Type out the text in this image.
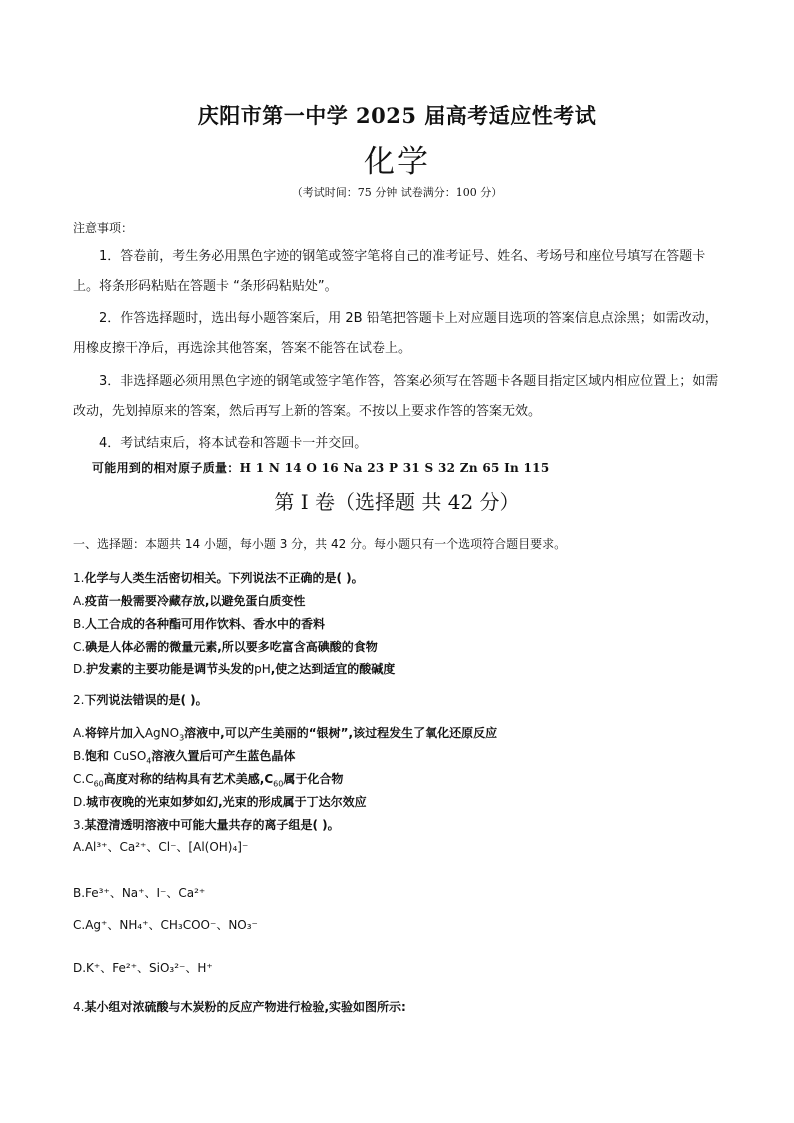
庆阳市第一中学 2025 届高考适应性考试
化学
（考试时间：75 分钟 试卷满分：100 分）
注意事项：
1．答卷前，考生务必用黑色字迹的钢笔或签字笔将自己的准考证号、姓名、考场号和座位号填写在答题卡上。将条形码粘贴在答题卡 “条形码粘贴处”。
2．作答选择题时，选出每小题答案后，用 2B 铅笔把答题卡上对应题目选项的答案信息点涂黑；如需改动，用橡皮擦干净后，再选涂其他答案，答案不能答在试卷上。
3．非选择题必须用黑色字迹的钢笔或签字笔作答，答案必须写在答题卡各题目指定区域内相应位置上；如需改动，先划掉原来的答案，然后再写上新的答案。不按以上要求作答的答案无效。
4．考试结束后，将本试卷和答题卡一并交回。
可能用到的相对原子质量：H 1 N 14 O 16 Na 23 P 31 S 32 Zn 65 In 115
第 I 卷（选择题 共 42 分）
一、选择题：本题共 14 小题，每小题 3 分，共 42 分。每小题只有一个选项符合题目要求。
1.化学与人类生活密切相关。下列说法不正确的是( )。
A.疫苗一般需要冷藏存放,以避免蛋白质变性
B.人工合成的各种酯可用作饮料、香水中的香料
C.碘是人体必需的微量元素,所以要多吃富含高碘酸的食物
D.护发素的主要功能是调节头发的pH,使之达到适宜的酸碱度
2.下列说法错误的是( )。
A.将锌片加入AgNO$_3$溶液中,可以产生美丽的“银树”,该过程发生了氧化还原反应
B.饱和 CuSO$_4$溶液久置后可产生蓝色晶体
$C.C_{60}$高度对称的结构具有艺术美感$,C_{60}$属于化合物
D.城市夜晚的光束如梦如幻,光束的形成属于丁达尔效应
3.某澄清透明溶液中可能大量共存的离子组是( )。
A.Al³⁺、Ca²⁺、Cl⁻、[Al(OH)₄]⁻
B.Fe³⁺、Na⁺、I⁻、Ca²⁺
C.Ag⁺、NH₄⁺、CH₃COO⁻、NO₃⁻
D.K⁺、Fe²⁺、SiO₃²⁻、H⁺
4.某小组对浓硫酸与木炭粉的反应产物进行检验,实验如图所示:
